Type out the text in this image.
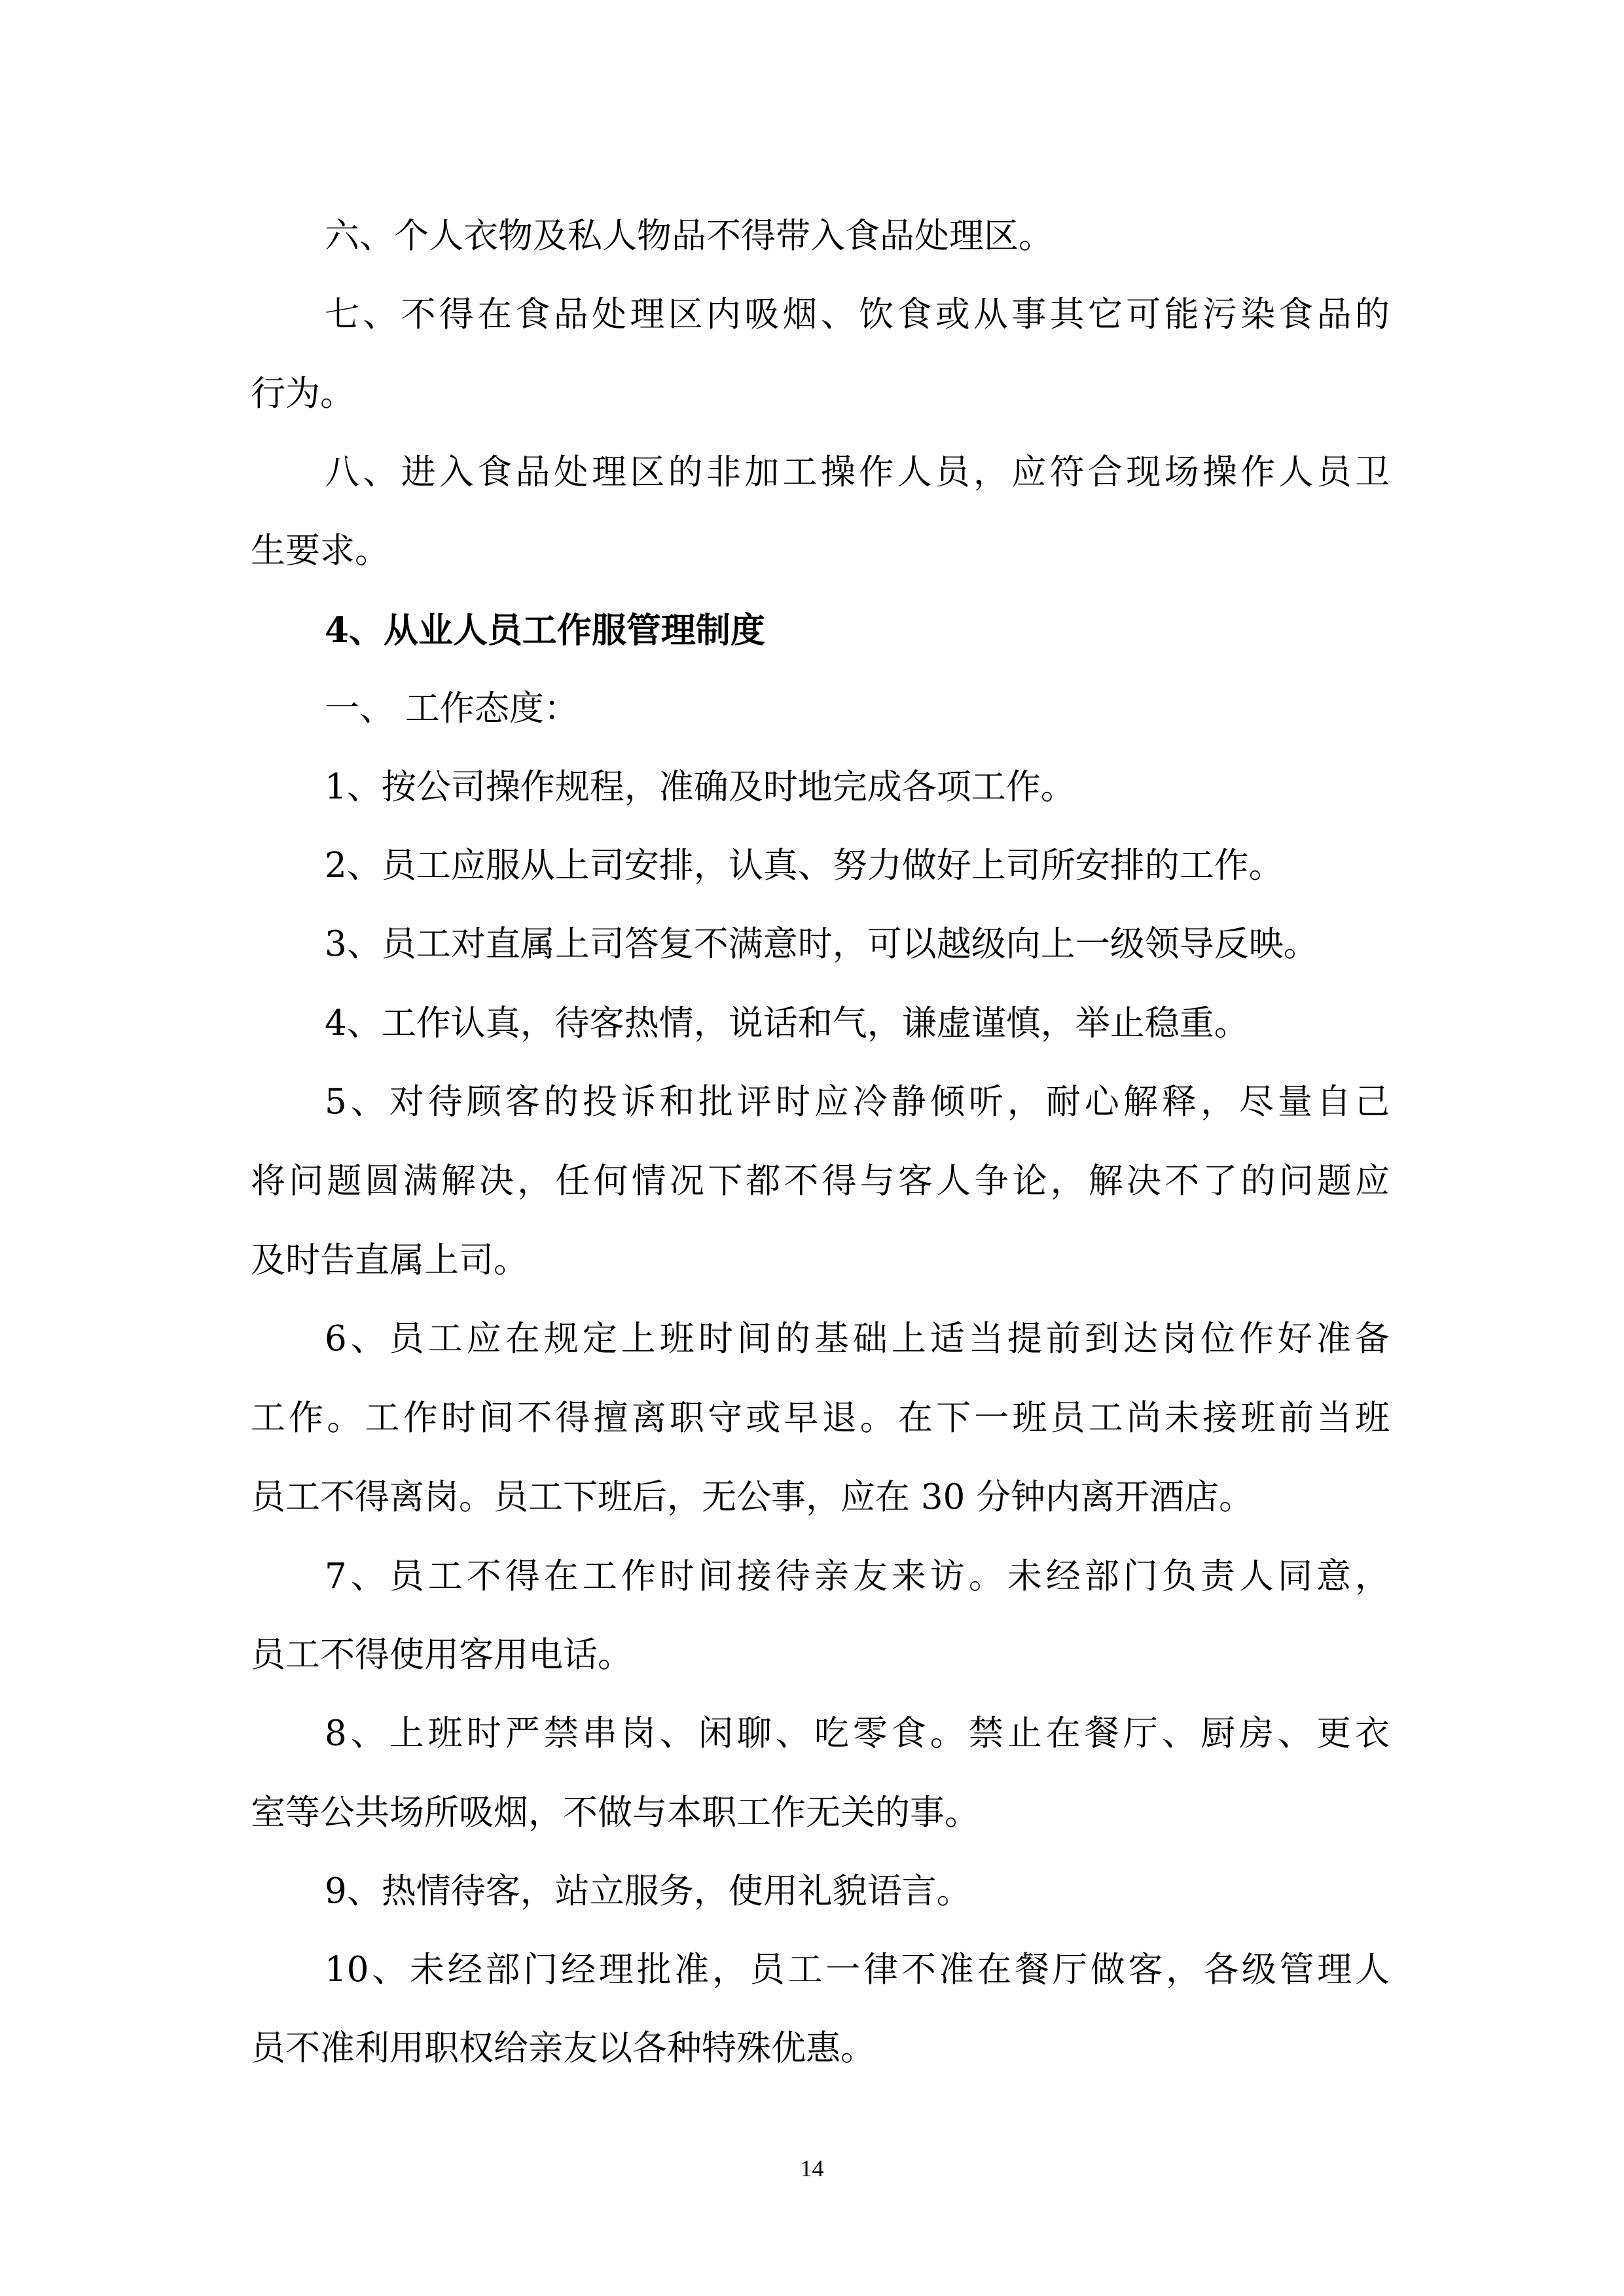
六、个人衣物及私人物品不得带入食品处理区。
七、不得在食品处理区内吸烟、饮食或从事其它可能污染食品的
行为。
八、进入食品处理区的非加工操作人员，应符合现场操作人员卫
生要求。
4、从业人员工作服管理制度
一、 工作态度：
1、按公司操作规程，准确及时地完成各项工作。
2、员工应服从上司安排，认真、努力做好上司所安排的工作。
3、员工对直属上司答复不满意时，可以越级向上一级领导反映。
4、工作认真，待客热情，说话和气，谦虚谨慎，举止稳重。
5、对待顾客的投诉和批评时应冷静倾听，耐心解释，尽量自己
将问题圆满解决，任何情况下都不得与客人争论，解决不了的问题应
及时告直属上司。
6、员工应在规定上班时间的基础上适当提前到达岗位作好准备
工作。工作时间不得擅离职守或早退。在下一班员工尚未接班前当班
员工不得离岗。员工下班后，无公事，应在 30 分钟内离开酒店。
7、员工不得在工作时间接待亲友来访。未经部门负责人同意，
员工不得使用客用电话。
8、上班时严禁串岗、闲聊、吃零食。禁止在餐厅、厨房、更衣
室等公共场所吸烟，不做与本职工作无关的事。
9、热情待客，站立服务，使用礼貌语言。
10、未经部门经理批准，员工一律不准在餐厅做客，各级管理人
员不准利用职权给亲友以各种特殊优惠。
14
